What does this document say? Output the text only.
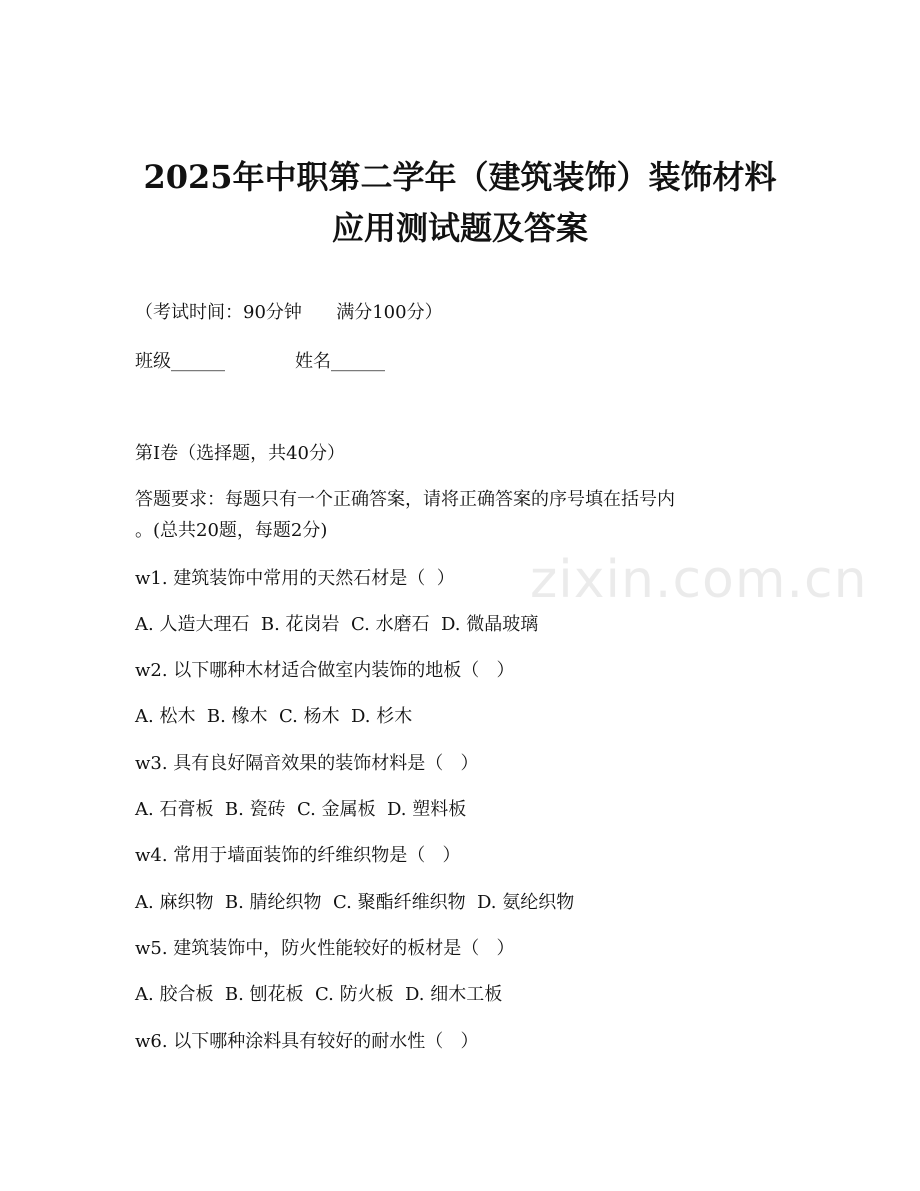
2025年中职第二学年（建筑装饰）装饰材料
应用测试题及答案
（考试时间：90分钟      满分100分）
班级______	姓名______
第I卷（选择题，共40分）
答题要求：每题只有一个正确答案，请将正确答案的序号填在括号内
。(总共20题，每题2分)
zixin.com.cn
w1. 建筑装饰中常用的天然石材是（  ）
A. 人造大理石  B. 花岗岩  C. 水磨石  D. 微晶玻璃
w2. 以下哪种木材适合做室内装饰的地板（   ）
A. 松木  B. 橡木  C. 杨木  D. 杉木
w3. 具有良好隔音效果的装饰材料是（   ）
A. 石膏板  B. 瓷砖  C. 金属板  D. 塑料板
w4. 常用于墙面装饰的纤维织物是（   ）
A. 麻织物  B. 腈纶织物  C. 聚酯纤维织物  D. 氨纶织物
w5. 建筑装饰中，防火性能较好的板材是（   ）
A. 胶合板  B. 刨花板  C. 防火板  D. 细木工板
w6. 以下哪种涂料具有较好的耐水性（   ）
